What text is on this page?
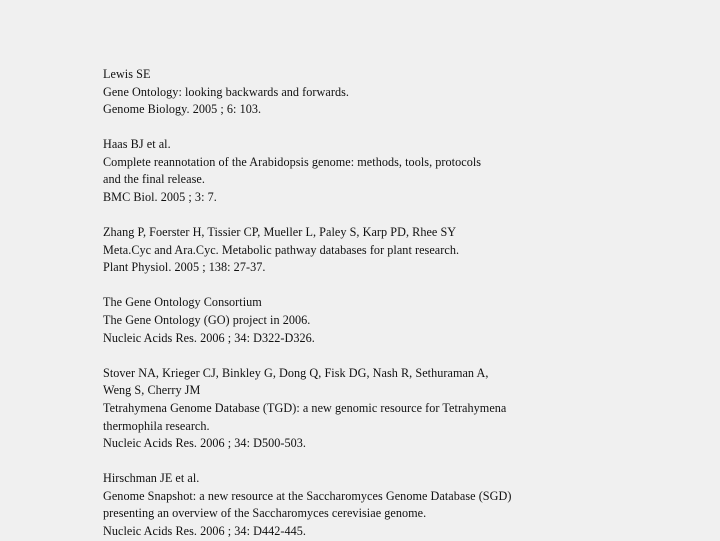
Lewis SE
Gene Ontology: looking backwards and forwards.
Genome Biology. 2005 ; 6: 103.
Haas BJ et al.
Complete reannotation of the Arabidopsis genome: methods, tools, protocols
and the final release.
BMC Biol. 2005 ; 3: 7.
Zhang P, Foerster H, Tissier CP, Mueller L, Paley S, Karp PD, Rhee SY
Meta.Cyc and Ara.Cyc. Metabolic pathway databases for plant research.
Plant Physiol. 2005 ; 138: 27-37.
The Gene Ontology Consortium
The Gene Ontology (GO) project in 2006.
Nucleic Acids Res. 2006 ; 34: D322-D326.
Stover NA, Krieger CJ, Binkley G, Dong Q, Fisk DG, Nash R, Sethuraman A,
Weng S, Cherry JM
Tetrahymena Genome Database (TGD): a new genomic resource for Tetrahymena
thermophila research.
Nucleic Acids Res. 2006 ; 34: D500-503.
Hirschman JE et al.
Genome Snapshot: a new resource at the Saccharomyces Genome Database (SGD)
presenting an overview of the Saccharomyces cerevisiae genome.
Nucleic Acids Res. 2006 ; 34: D442-445.
